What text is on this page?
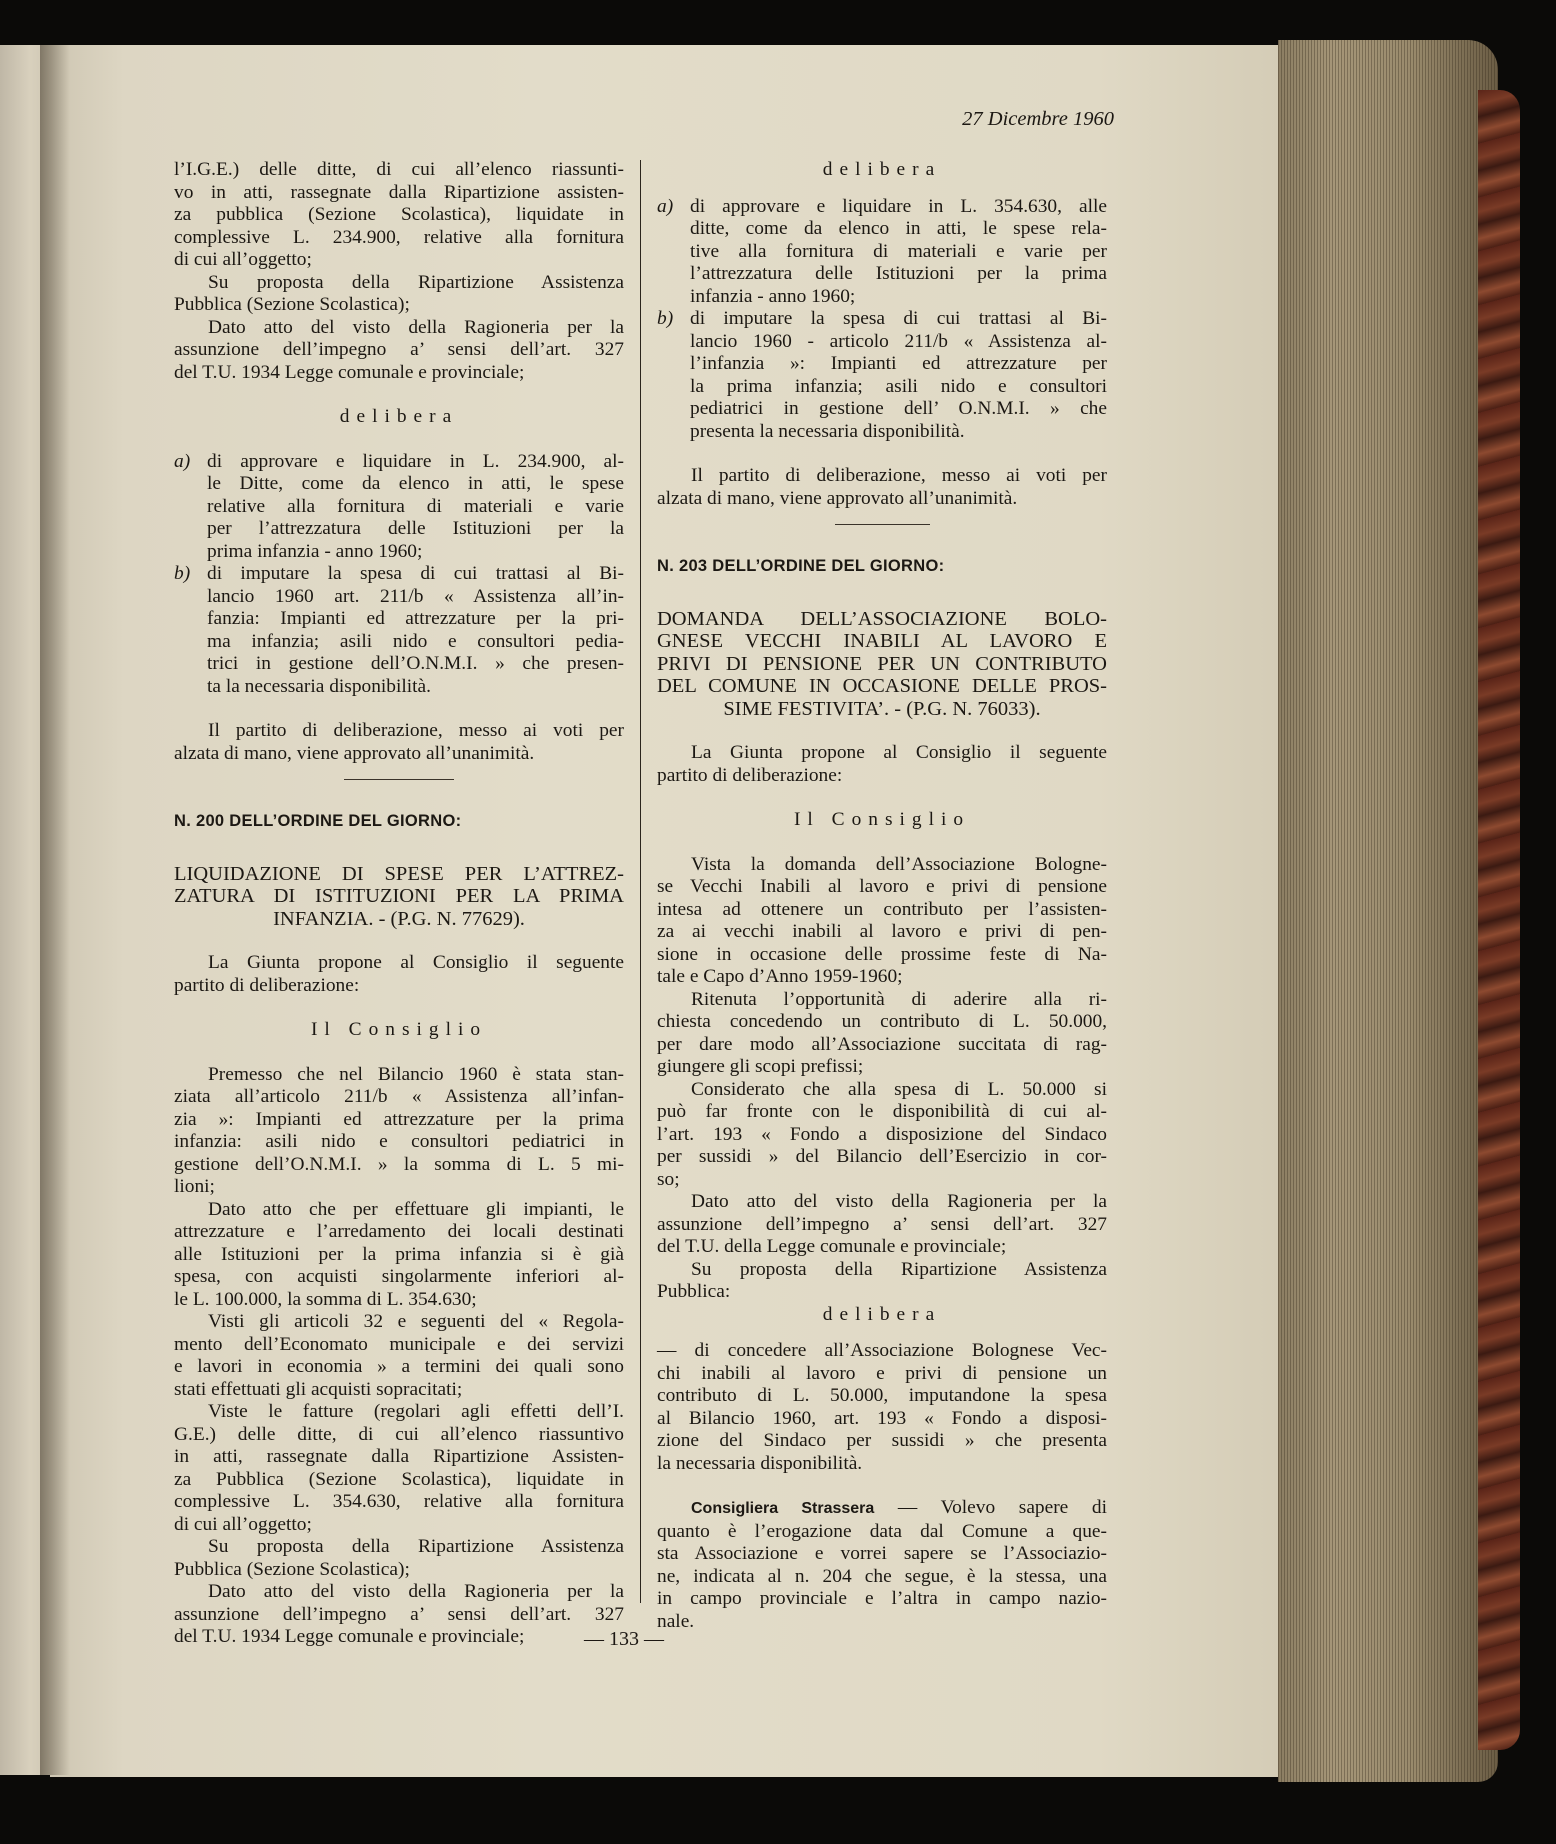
27 Dicembre 1960

l’I.G.E.) delle ditte, di cui all’elenco riassunti-

vo in atti, rassegnate dalla Ripartizione assisten-

za pubblica (Sezione Scolastica), liquidate in

complessive L. 234.900, relative alla fornitura

di cui all’oggetto;

Su proposta della Ripartizione Assistenza

Pubblica (Sezione Scolastica);

Dato atto del visto della Ragioneria per la

assunzione dell’impegno a’ sensi dell’art. 327

del T.U. 1934 Legge comunale e provinciale;

delibera

a) di approvare e liquidare in L. 234.900, al-

le Ditte, come da elenco in atti, le spese

relative alla fornitura di materiali e varie

per l’attrezzatura delle Istituzioni per la

prima infanzia - anno 1960;

b) di imputare la spesa di cui trattasi al Bi-

lancio 1960 art. 211/b « Assistenza all’in-

fanzia: Impianti ed attrezzature per la pri-

ma infanzia; asili nido e consultori pedia-

trici in gestione dell’O.N.M.I. » che presen-

ta la necessaria disponibilità.

Il partito di deliberazione, messo ai voti per

alzata di mano, viene approvato all’unanimità.

N. 200 DELL’ORDINE DEL GIORNO:

LIQUIDAZIONE DI SPESE PER L’ATTREZ-

ZATURA DI ISTITUZIONI PER LA PRIMA

INFANZIA. - (P.G. N. 77629).

La Giunta propone al Consiglio il seguente

partito di deliberazione:

Il Consiglio

Premesso che nel Bilancio 1960 è stata stan-

ziata all’articolo 211/b « Assistenza all’infan-

zia »: Impianti ed attrezzature per la prima

infanzia: asili nido e consultori pediatrici in

gestione dell’O.N.M.I. » la somma di L. 5 mi-

lioni;

Dato atto che per effettuare gli impianti, le

attrezzature e l’arredamento dei locali destinati

alle Istituzioni per la prima infanzia si è già

spesa, con acquisti singolarmente inferiori al-

le L. 100.000, la somma di L. 354.630;

Visti gli articoli 32 e seguenti del « Regola-

mento dell’Economato municipale e dei servizi

e lavori in economia » a termini dei quali sono

stati effettuati gli acquisti sopracitati;

Viste le fatture (regolari agli effetti dell’I.

G.E.) delle ditte, di cui all’elenco riassuntivo

in atti, rassegnate dalla Ripartizione Assisten-

za Pubblica (Sezione Scolastica), liquidate in

complessive L. 354.630, relative alla fornitura

di cui all’oggetto;

Su proposta della Ripartizione Assistenza

Pubblica (Sezione Scolastica);

Dato atto del visto della Ragioneria per la

assunzione dell’impegno a’ sensi dell’art. 327

del T.U. 1934 Legge comunale e provinciale;

delibera

a) di approvare e liquidare in L. 354.630, alle

ditte, come da elenco in atti, le spese rela-

tive alla fornitura di materiali e varie per

l’attrezzatura delle Istituzioni per la prima

infanzia - anno 1960;

b) di imputare la spesa di cui trattasi al Bi-

lancio 1960 - articolo 211/b « Assistenza al-

l’infanzia »: Impianti ed attrezzature per

la prima infanzia; asili nido e consultori

pediatrici in gestione dell’ O.N.M.I. » che

presenta la necessaria disponibilità.

Il partito di deliberazione, messo ai voti per

alzata di mano, viene approvato all’unanimità.

N. 203 DELL’ORDINE DEL GIORNO:

DOMANDA DELL’ASSOCIAZIONE BOLO-

GNESE VECCHI INABILI AL LAVORO E

PRIVI DI PENSIONE PER UN CONTRIBUTO

DEL COMUNE IN OCCASIONE DELLE PROS-

SIME FESTIVITA’. - (P.G. N. 76033).

La Giunta propone al Consiglio il seguente

partito di deliberazione:

Il Consiglio

Vista la domanda dell’Associazione Bologne-

se Vecchi Inabili al lavoro e privi di pensione

intesa ad ottenere un contributo per l’assisten-

za ai vecchi inabili al lavoro e privi di pen-

sione in occasione delle prossime feste di Na-

tale e Capo d’Anno 1959-1960;

Ritenuta l’opportunità di aderire alla ri-

chiesta concedendo un contributo di L. 50.000,

per dare modo all’Associazione succitata di rag-

giungere gli scopi prefissi;

Considerato che alla spesa di L. 50.000 si

può far fronte con le disponibilità di cui al-

l’art. 193 « Fondo a disposizione del Sindaco

per sussidi » del Bilancio dell’Esercizio in cor-

so;

Dato atto del visto della Ragioneria per la

assunzione dell’impegno a’ sensi dell’art. 327

del T.U. della Legge comunale e provinciale;

Su proposta della Ripartizione Assistenza

Pubblica:

delibera

— di concedere all’Associazione Bolognese Vec-

chi inabili al lavoro e privi di pensione un

contributo di L. 50.000, imputandone la spesa

al Bilancio 1960, art. 193 « Fondo a disposi-

zione del Sindaco per sussidi » che presenta

la necessaria disponibilità.

Consigliera Strassera — Volevo sapere di

quanto è l’erogazione data dal Comune a que-

sta Associazione e vorrei sapere se l’Associazio-

ne, indicata al n. 204 che segue, è la stessa, una

in campo provinciale e l’altra in campo nazio-

nale.

— 133 —
